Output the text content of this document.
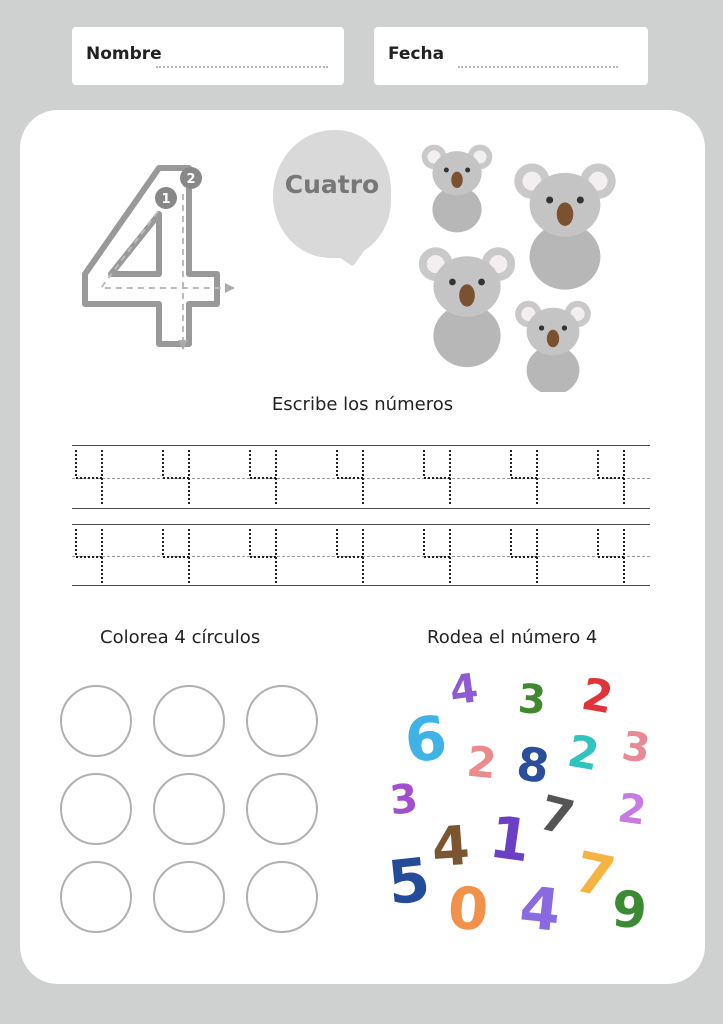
Nombre	Fecha
1
2	Cuatro
Escribe los números
Colorea 4 círculos	Rodea el número 4
4 3 2
6 2 8 2 3
3 7 2
4 1
5 0 4 7
9
